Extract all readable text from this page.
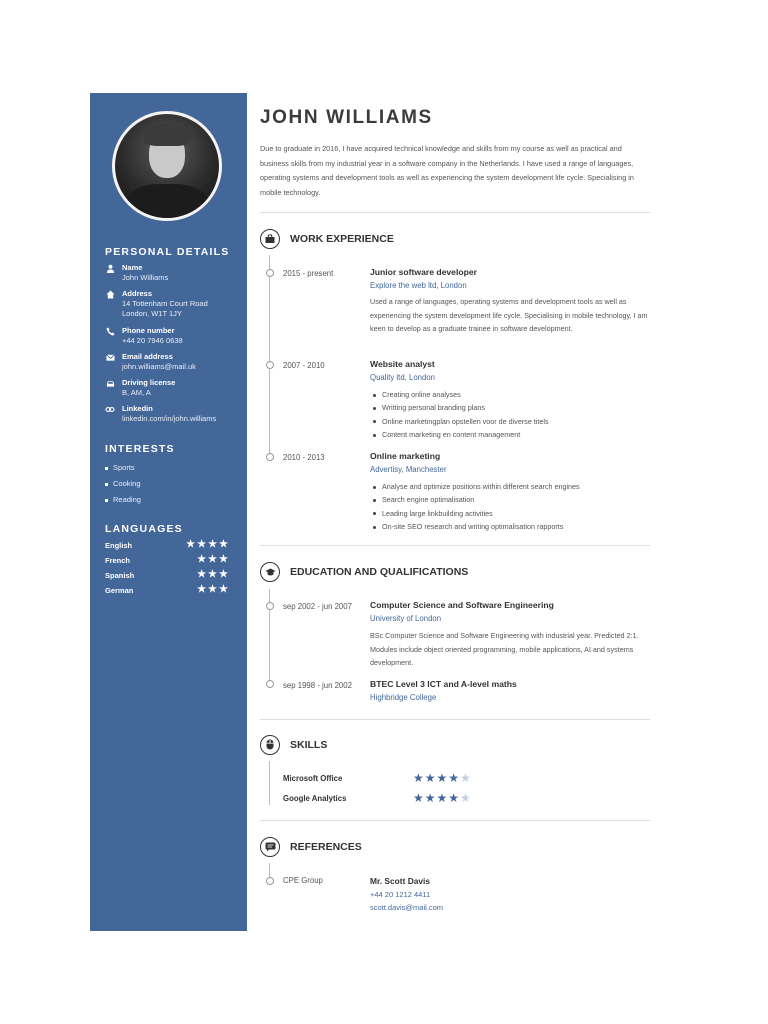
PERSONAL DETAILS
Name
John Williams
Address
14 Tottenham Court Road London, W1T 1JY
Phone number
+44 20 7946 0638
Email address
john.williams@mail.uk
Driving license
B, AM, A
Linkedin
linkedin.com/in/john.williams
INTERESTS
Sports
Cooking
Reading
LANGUAGES
English	★★★★
French	★★★
Spanish	★★★
German	★★★
JOHN WILLIAMS
Due to graduate in 2016, I have acquired technical knowledge and skills from my course as well as practical and business skills from my industrial year in a software company in the Netherlands. I have used a range of languages, operating systems and development tools as well as experiencing the system development life cycle. Specialising in mobile technology.
WORK EXPERIENCE
2015 - present	Junior software developer
Explore the web ltd, London
Used a range of languages, operating systems and development tools as well as experiencing the system development life cycle. Specialising in mobile technology, I am keen to develop as a graduate trainee in software development.
2007 - 2010	Website analyst
Quality ltd, London
Creating online analyses
Writting personal branding plans
Online marketingplan opstellen voor de diverse titels
Content marketing en content management
2010 - 2013	Online marketing
Advertisy, Manchester
Analyse and optimize positions within different search engines
Search engine optimalisation
Leading large linkbuilding activities
On-site SEO research and writing optimalisation rapports
EDUCATION AND QUALIFICATIONS
sep 2002 - jun 2007 Computer Science and Software Engineering
University of London
BSc Computer Science and Software Engineering with industrial year. Predicted 2:1. Modules include object oriented programming, mobile applications, AI and systems development.
sep 1998 - jun 2002 BTEC Level 3 ICT and A-level maths
Highbridge College
SKILLS
Microsoft Office	★★★★★
Google Analytics	★★★★★
REFERENCES
CPE Group	Mr. Scott Davis
+44 20 1212 4411
scott.davis@mail.com
